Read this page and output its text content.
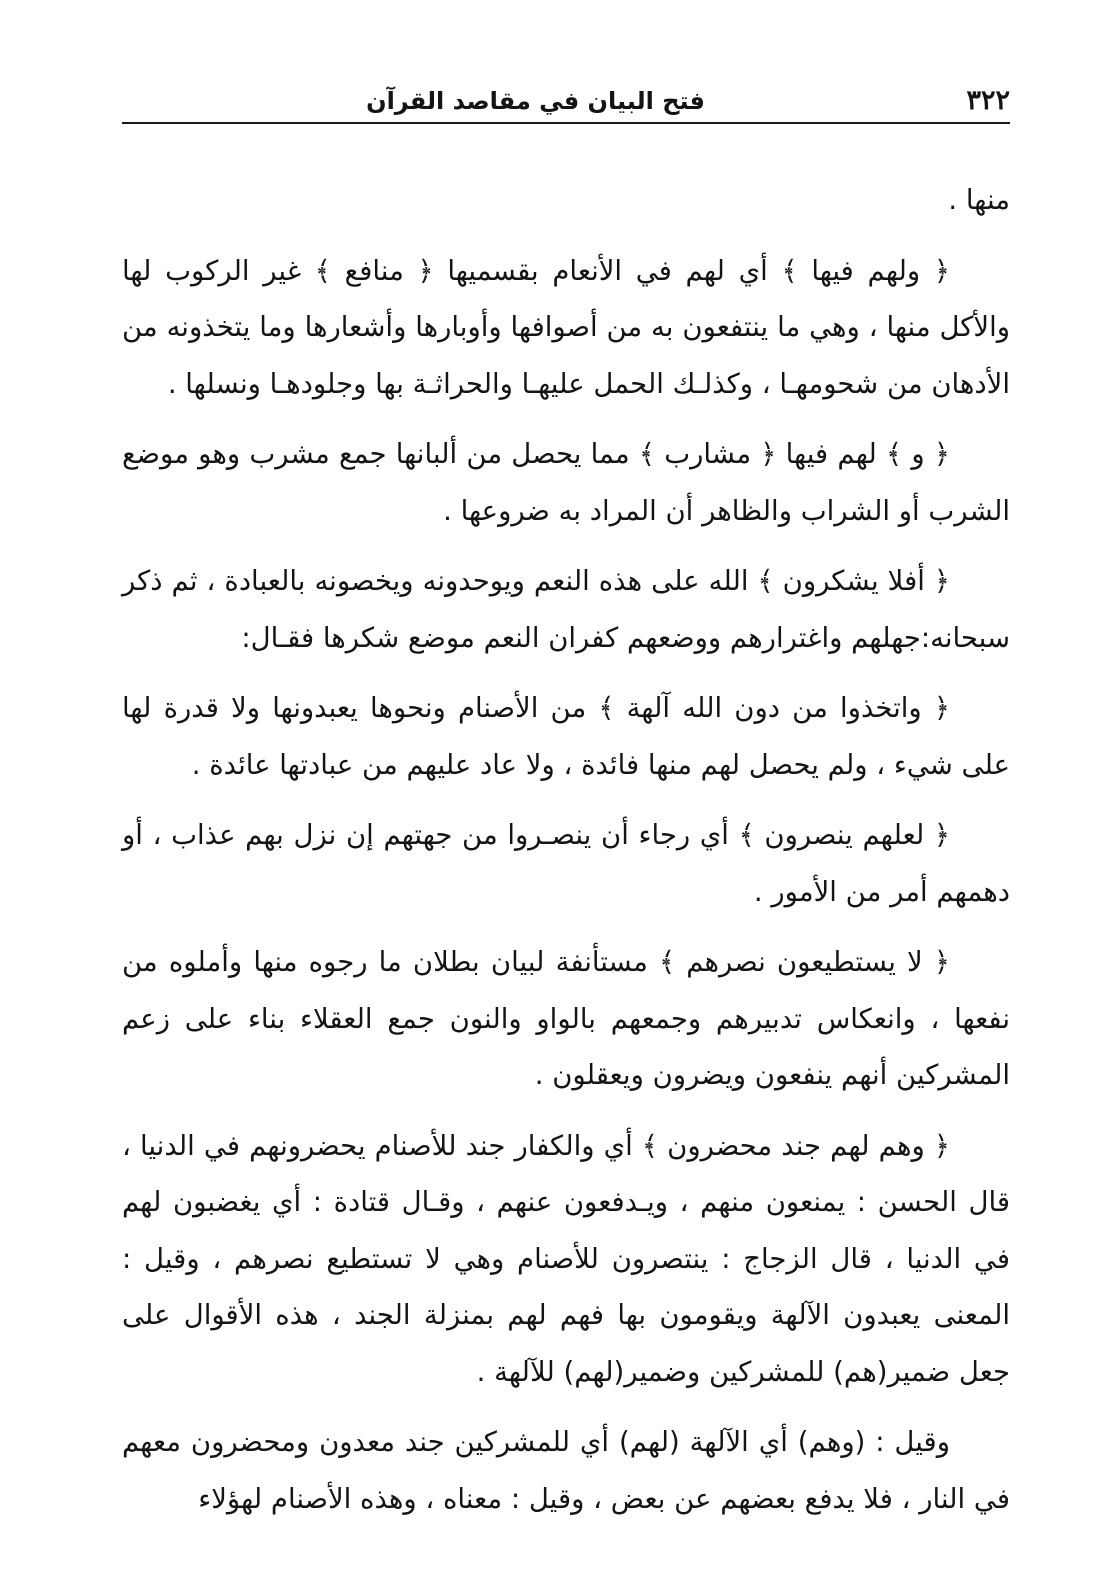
٣٢٢
فتح البيان في مقاصد القرآن

منها .

﴿ ولهم فيها ﴾ أي لهم في الأنعام بقسميها ﴿ منافع ﴾ غير الركوب لها والأكل منها ، وهي ما ينتفعون به من أصوافها وأوبارها وأشعارها وما يتخذونه من الأدهان من شحومهـا ، وكذلـك الحمل عليهـا والحراثـة بها وجلودهـا ونسلها .

﴿ و ﴾ لهم فيها ﴿ مشارب ﴾ مما يحصل من ألبانها جمع مشرب وهو موضع الشرب أو الشراب والظاهر أن المراد به ضروعها .

﴿ أفلا يشكرون ﴾ الله على هذه النعم ويوحدونه ويخصونه بالعبادة ، ثم ذكر سبحانه:جهلهم واغترارهم ووضعهم كفران النعم موضع شكرها فقـال:

﴿ واتخذوا من دون الله آلهة ﴾ من الأصنام ونحوها يعبدونها ولا قدرة لها على شيء ، ولم يحصل لهم منها فائدة ، ولا عاد عليهم من عبادتها عائدة .

﴿ لعلهم ينصرون ﴾ أي رجاء أن ينصـروا من جهتهم إن نزل بهم عذاب ، أو دهمهم أمر من الأمور .

﴿ لا يستطيعون نصرهم ﴾ مستأنفة لبيان بطلان ما رجوه منها وأملوه من نفعها ، وانعكاس تدبيرهم وجمعهم بالواو والنون جمع العقلاء بناء على زعم المشركين أنهم ينفعون ويضرون ويعقلون .

﴿ وهم لهم جند محضرون ﴾ أي والكفار جند للأصنام يحضرونهم في الدنيا ، قال الحسن : يمنعون منهم ، ويـدفعون عنهم ، وقـال قتادة : أي يغضبون لهم في الدنيا ، قال الزجاج : ينتصرون للأصنام وهي لا تستطيع نصرهم ، وقيل : المعنى يعبدون الآلهة ويقومون بها فهم لهم بمنزلة الجند ، هذه الأقوال على جعل ضمير(هم) للمشركين وضمير(لهم) للآلهة .

وقيل : (وهم) أي الآلهة (لهم) أي للمشركين جند معدون ومحضرون معهم في النار ، فلا يدفع بعضهم عن بعض ، وقيل : معناه ، وهذه الأصنام لهؤلاء
